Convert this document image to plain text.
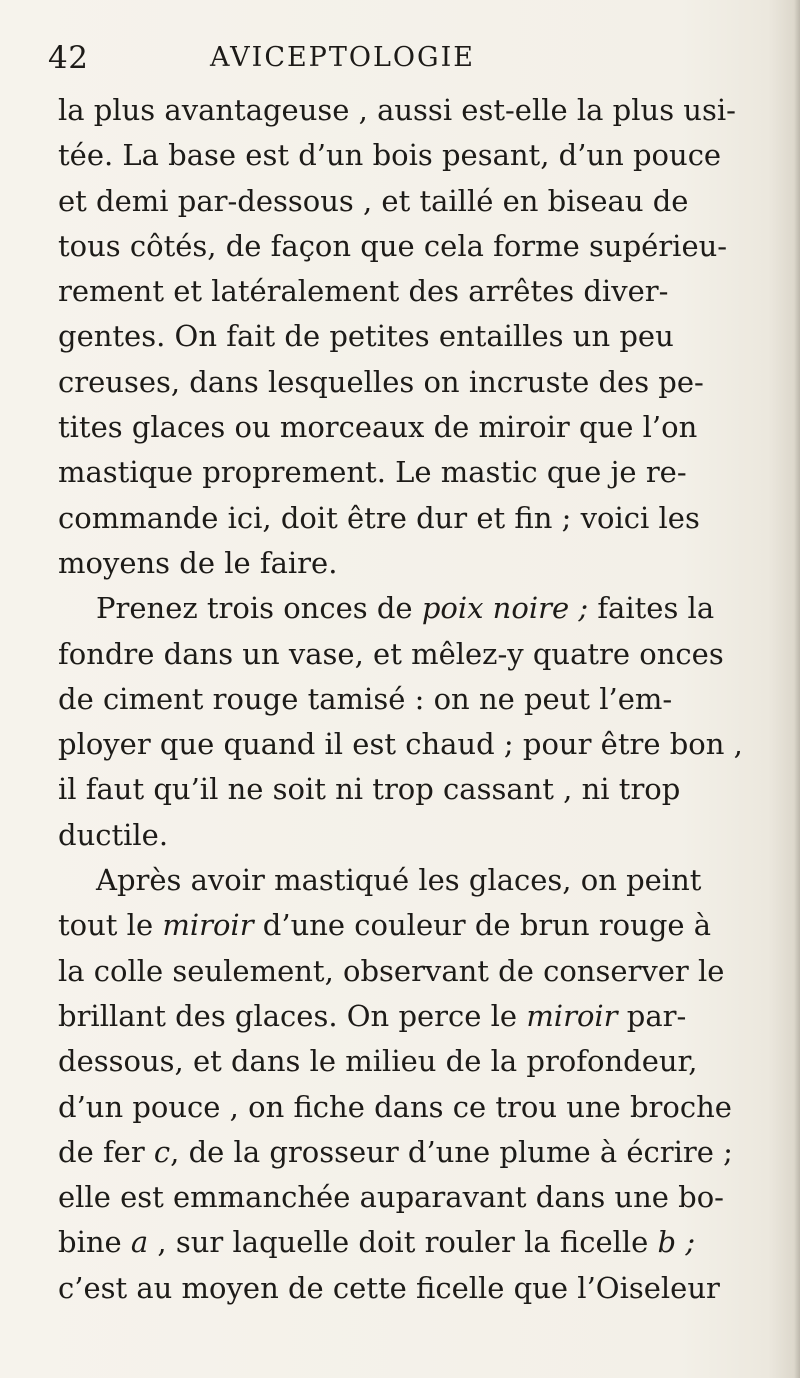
42	AVICEPTOLOGIE
la plus avantageuse , aussi est-elle la plus usi-
tée. La base est d’un bois pesant, d’un pouce
et demi par-dessous , et taillé en biseau de
tous côtés, de façon que cela forme supérieu-
rement et latéralement des arrêtes diver-
gentes. On fait de petites entailles un peu
creuses, dans lesquelles on incruste des pe-
tites glaces ou morceaux de miroir que l’on
mastique proprement. Le mastic que je re-
commande ici, doit être dur et fin ; voici les
moyens de le faire.
Prenez trois onces de poix noire ; faites la
fondre dans un vase, et mêlez-y quatre onces
de ciment rouge tamisé : on ne peut l’em-
ployer que quand il est chaud ; pour être bon ,
il faut qu’il ne soit ni trop cassant , ni trop
ductile.
Après avoir mastiqué les glaces, on peint
tout le miroir d’une couleur de brun rouge à
la colle seulement, observant de conserver le
brillant des glaces. On perce le miroir par-
dessous, et dans le milieu de la profondeur,
d’un pouce , on fiche dans ce trou une broche
de fer c, de la grosseur d’une plume à écrire ;
elle est emmanchée auparavant dans une bo-
bine a , sur laquelle doit rouler la ficelle b ;
c’est au moyen de cette ficelle que l’Oiseleur
